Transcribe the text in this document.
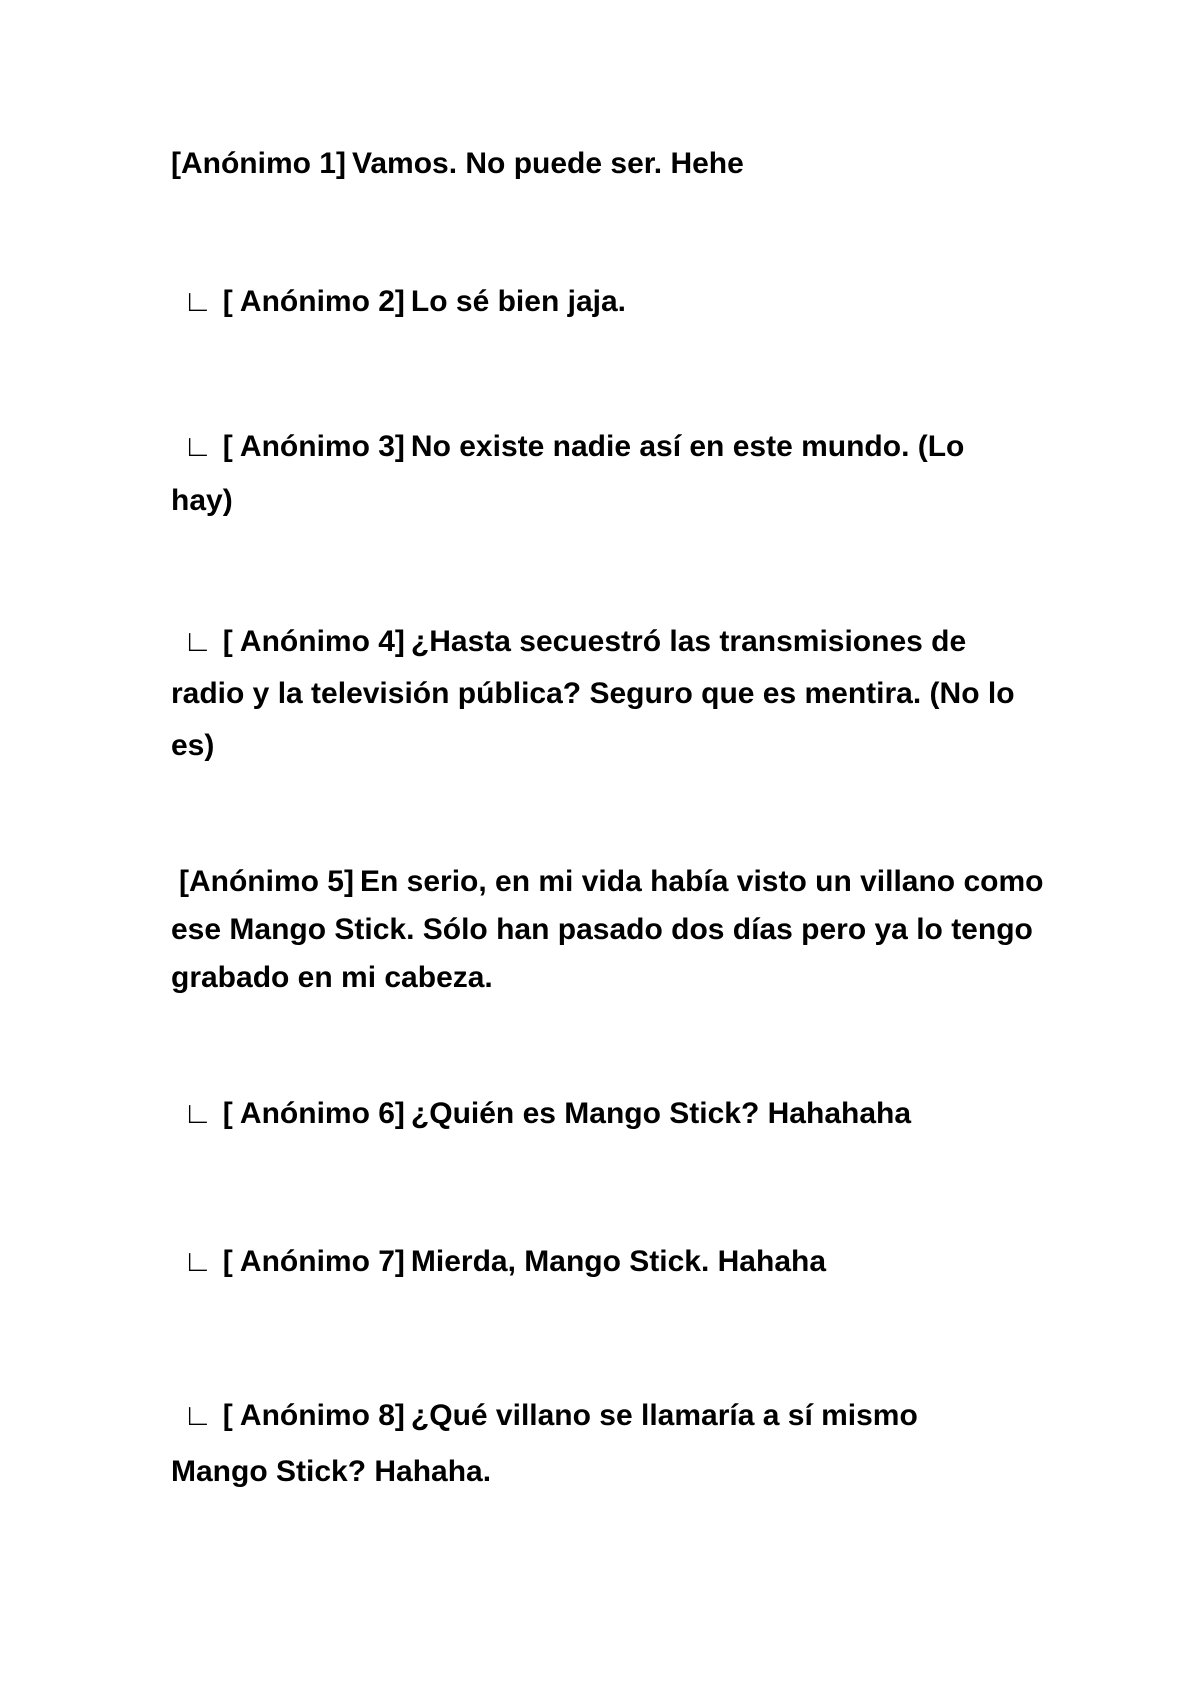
[Anónimo 1] Vamos. No puede ser. Hehe
∟ [ Anónimo 2] Lo sé bien jaja.
∟ [ Anónimo 3] No existe nadie así en este mundo. (Lo hay)
∟ [ Anónimo 4] ¿Hasta secuestró las transmisiones de radio y la televisión pública? Seguro que es mentira. (No lo es)
[Anónimo 5] En serio, en mi vida había visto un villano como ese Mango Stick. Sólo han pasado dos días pero ya lo tengo grabado en mi cabeza.
∟ [ Anónimo 6] ¿Quién es Mango Stick? Hahahaha
∟ [ Anónimo 7] Mierda, Mango Stick. Hahaha
∟ [ Anónimo 8] ¿Qué villano se llamaría a sí mismo Mango Stick? Hahaha.
